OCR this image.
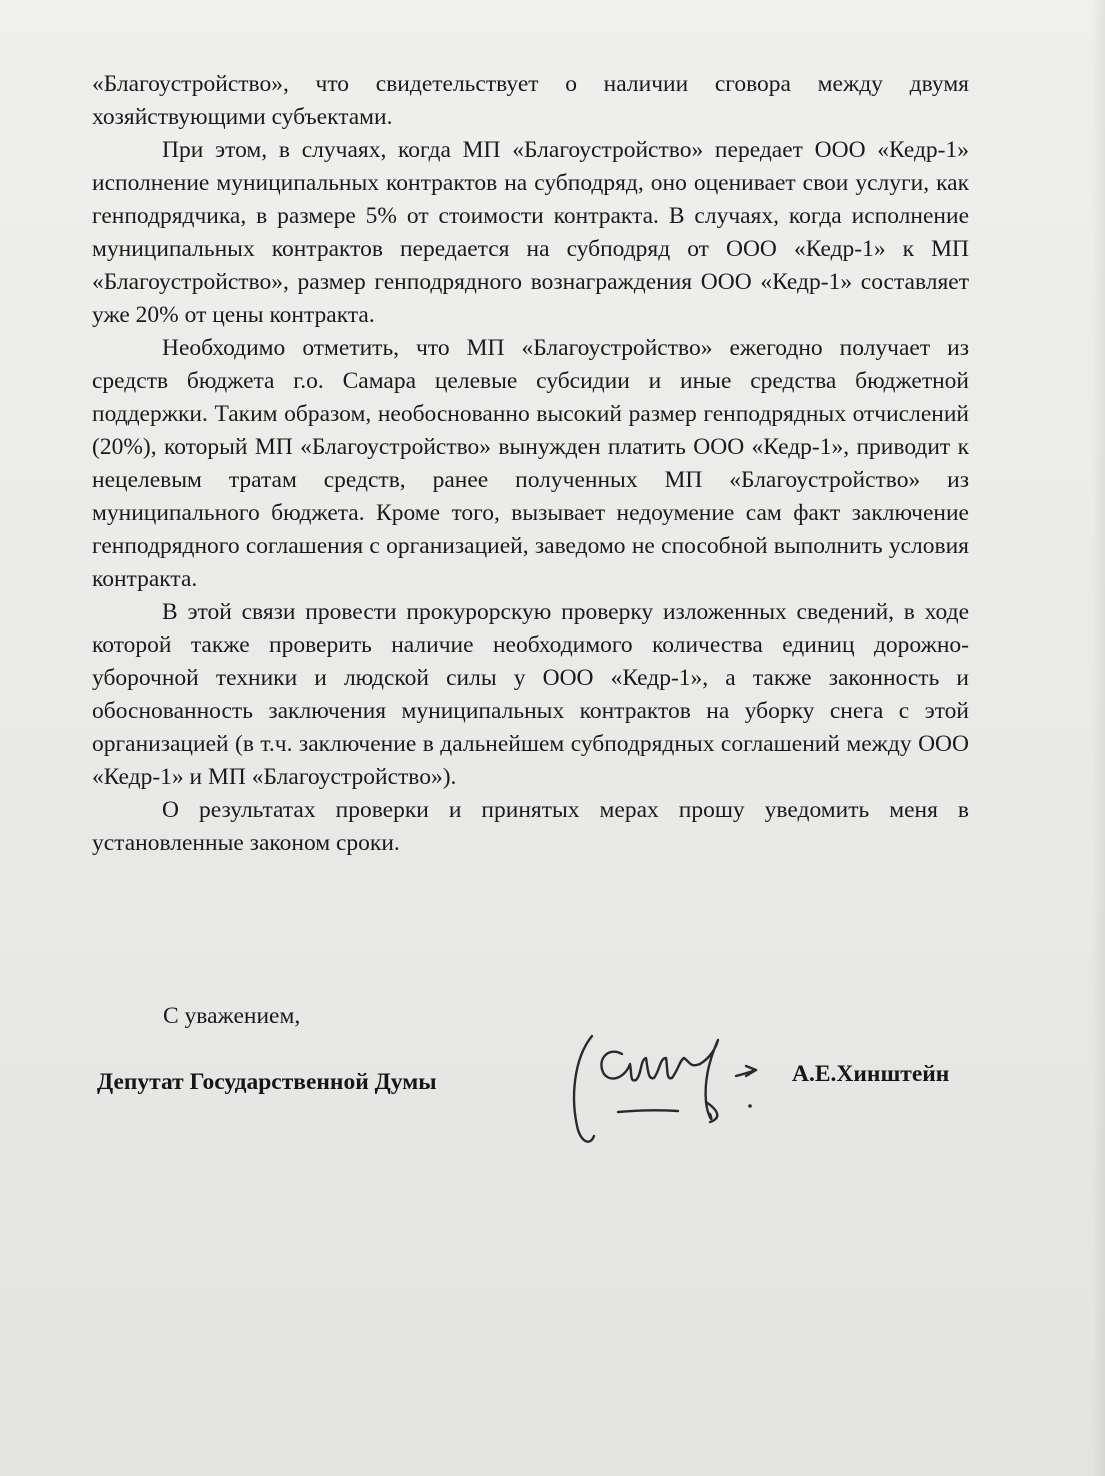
«Благоустройство», что свидетельствует о наличии сговора между двумя хозяйствующими субъектами.

При этом, в случаях, когда МП «Благоустройство» передает ООО «Кедр-1» исполнение муниципальных контрактов на субподряд, оно оценивает свои услуги, как генподрядчика, в размере 5% от стоимости контракта. В случаях, когда исполнение муниципальных контрактов передается на субподряд от ООО «Кедр-1» к МП «Благоустройство», размер генподрядного вознаграждения ООО «Кедр-1» составляет уже 20% от цены контракта.

Необходимо отметить, что МП «Благоустройство» ежегодно получает из средств бюджета г.о. Самара целевые субсидии и иные средства бюджетной поддержки. Таким образом, необоснованно высокий размер генподрядных отчислений (20%), который МП «Благоустройство» вынужден платить ООО «Кедр-1», приводит к нецелевым тратам средств, ранее полученных МП «Благоустройство» из муниципального бюджета. Кроме того, вызывает недоумение сам факт заключение генподрядного соглашения с организацией, заведомо не способной выполнить условия контракта.

В этой связи провести прокурорскую проверку изложенных сведений, в ходе которой также проверить наличие необходимого количества единиц дорожно-уборочной техники и людской силы у ООО «Кедр-1», а также законность и обоснованность заключения муниципальных контрактов на уборку снега с этой организацией (в т.ч. заключение в дальнейшем субподрядных соглашений между ООО «Кедр-1» и МП «Благоустройство»).

О результатах проверки и принятых мерах прошу уведомить меня в установленные законом сроки.

С уважением,

Депутат Государственной Думы	А.Е.Хинштейн
